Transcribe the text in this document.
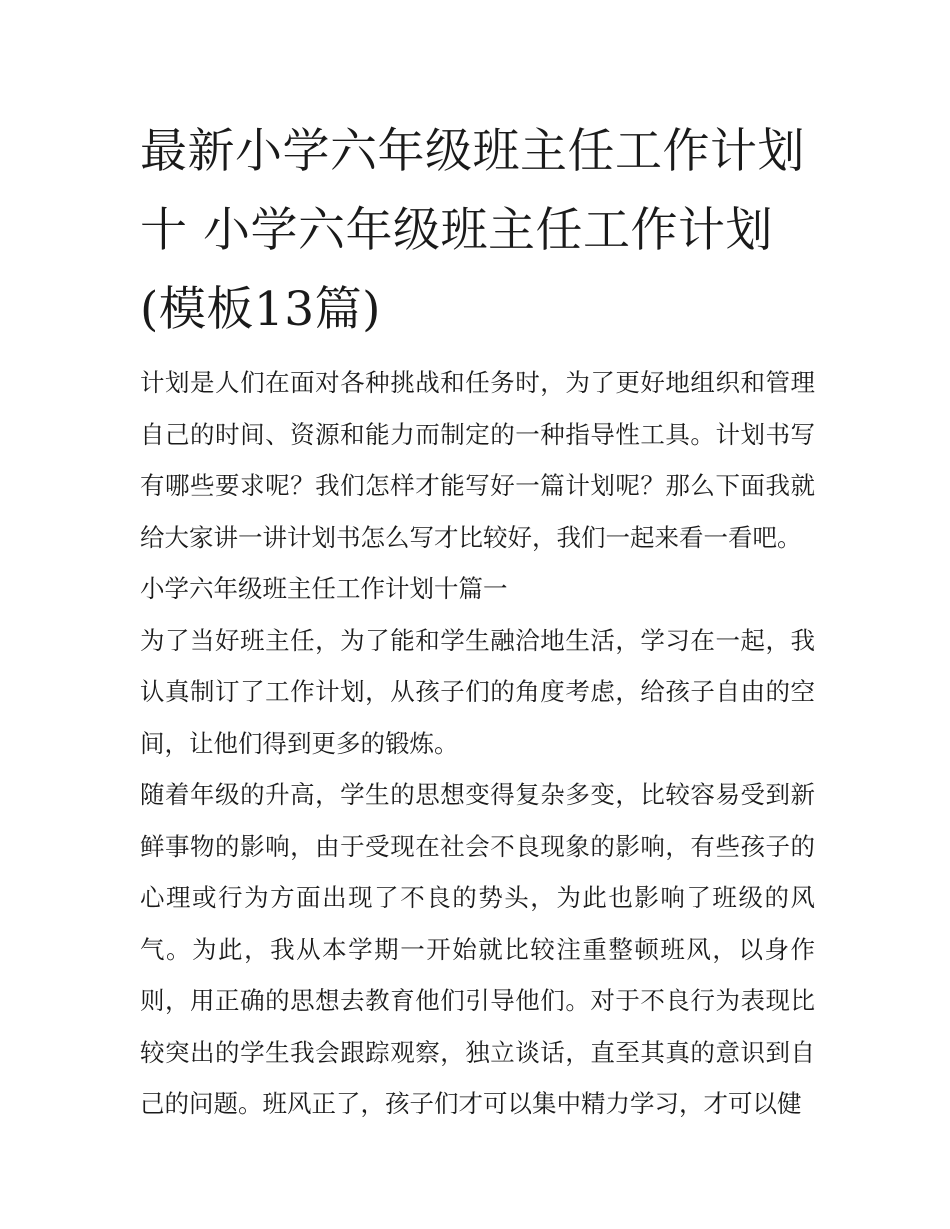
最新小学六年级班主任工作计划十 小学六年级班主任工作计划(模板13篇)

计划是人们在面对各种挑战和任务时，为了更好地组织和管理自己的时间、资源和能力而制定的一种指导性工具。计划书写有哪些要求呢？我们怎样才能写好一篇计划呢？那么下面我就给大家讲一讲计划书怎么写才比较好，我们一起来看一看吧。

小学六年级班主任工作计划十篇一

为了当好班主任，为了能和学生融洽地生活，学习在一起，我认真制订了工作计划，从孩子们的角度考虑，给孩子自由的空间，让他们得到更多的锻炼。

随着年级的升高，学生的思想变得复杂多变，比较容易受到新鲜事物的影响，由于受现在社会不良现象的影响，有些孩子的心理或行为方面出现了不良的势头，为此也影响了班级的风气。为此，我从本学期一开始就比较注重整顿班风，以身作则，用正确的思想去教育他们引导他们。对于不良行为表现比较突出的学生我会跟踪观察，独立谈话，直至其真的意识到自己的问题。班风正了，孩子们才可以集中精力学习，才可以健
